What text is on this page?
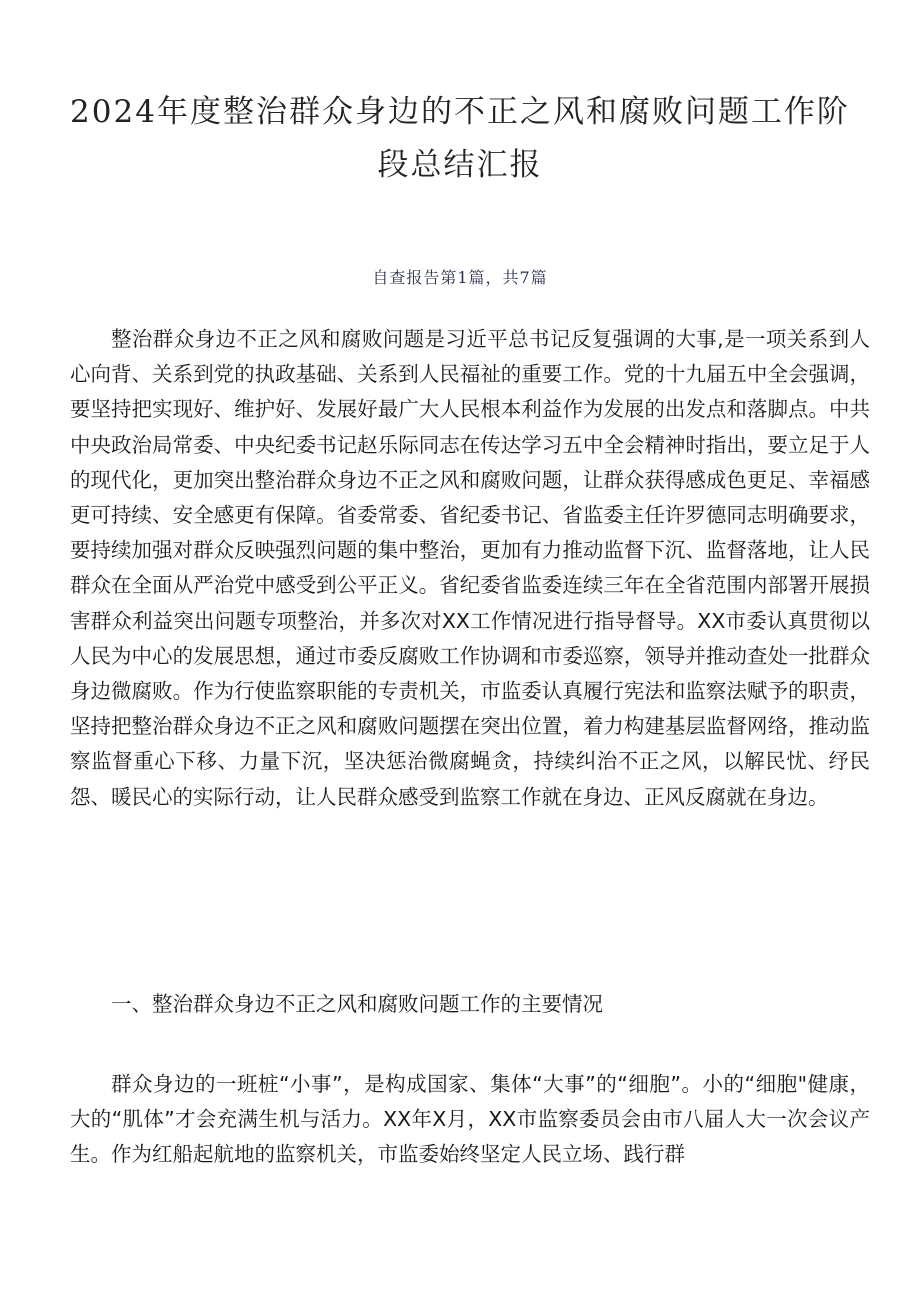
2024年度整治群众身边的不正之风和腐败问题工作阶段总结汇报
自查报告第1篇，共7篇

整治群众身边不正之风和腐败问题是习近平总书记反复强调的大事,是一项关系到人心向背、关系到党的执政基础、关系到人民福祉的重要工作。党的十九届五中全会强调，要坚持把实现好、维护好、发展好最广大人民根本利益作为发展的出发点和落脚点。中共中央政治局常委、中央纪委书记赵乐际同志在传达学习五中全会精神时指出，要立足于人的现代化，更加突出整治群众身边不正之风和腐败问题，让群众获得感成色更足、幸福感更可持续、安全感更有保障。省委常委、省纪委书记、省监委主任许罗德同志明确要求，要持续加强对群众反映强烈问题的集中整治，更加有力推动监督下沉、监督落地，让人民群众在全面从严治党中感受到公平正义。省纪委省监委连续三年在全省范围内部署开展损害群众利益突出问题专项整治，并多次对XX工作情况进行指导督导。XX市委认真贯彻以人民为中心的发展思想，通过市委反腐败工作协调和市委巡察，领导并推动查处一批群众身边微腐败。作为行使监察职能的专责机关，市监委认真履行宪法和监察法赋予的职责，坚持把整治群众身边不正之风和腐败问题摆在突出位置，着力构建基层监督网络，推动监察监督重心下移、力量下沉，坚决惩治微腐蝇贪，持续纠治不正之风，以解民忧、纾民怨、暖民心的实际行动，让人民群众感受到监察工作就在身边、正风反腐就在身边。

一、整治群众身边不正之风和腐败问题工作的主要情况

群众身边的一班桩“小事”，是构成国家、集体“大事”的“细胞”。小的“细胞"健康，大的“肌体”才会充满生机与活力。XX年X月，XX市监察委员会由市八届人大一次会议产生。作为红船起航地的监察机关，市监委始终坚定人民立场、践行群
